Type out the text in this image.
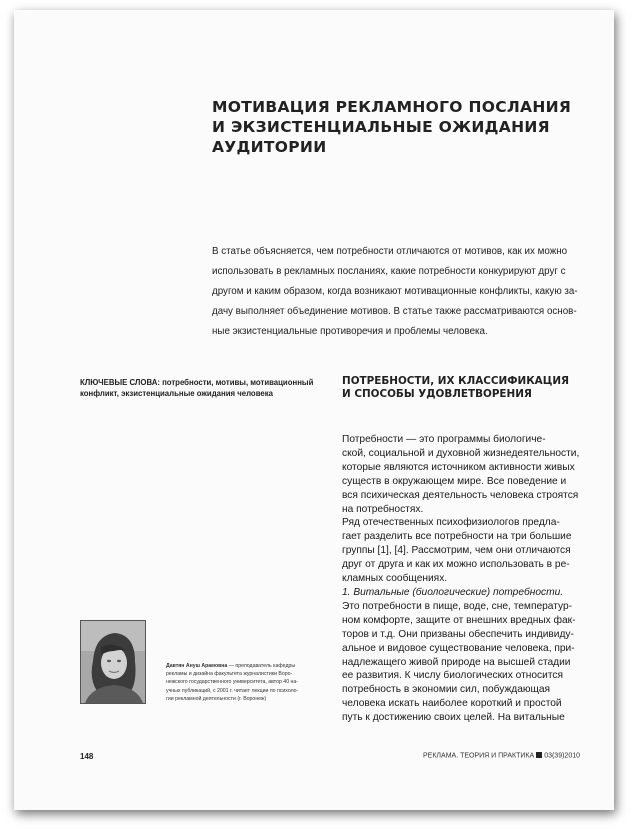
МОТИВАЦИЯ РЕКЛАМНОГО ПОСЛАНИЯ
И ЭКЗИСТЕНЦИАЛЬНЫЕ ОЖИДАНИЯ
АУДИТОРИИ

В статье объясняется, чем потребности отличаются от мотивов, как их можно
использовать в рекламных посланиях, какие потребности конкурируют друг с
другом и каким образом, когда возникают мотивационные конфликты, какую за-
дачу выполняет объединение мотивов. В статье также рассматриваются основ-
ные экзистенциальные противоречия и проблемы человека.

КЛЮЧЕВЫЕ СЛОВА: потребности, мотивы, мотивационный
конфликт, экзистенциальные ожидания человека
ПОТРЕБНОСТИ, ИХ КЛАССИФИКАЦИЯ
И СПОСОБЫ УДОВЛЕТВОРЕНИЯ
Потребности — это программы биологиче-
ской, социальной и духовной жизнедеятельности,
которые являются источником активности живых
существ в окружающем мире. Все поведение и
вся психическая деятельность человека строятся
на потребностях.
Ряд отечественных психофизиологов предла-
гает разделить все потребности на три большие
группы [1], [4]. Рассмотрим, чем они отличаются
друг от друга и как их можно использовать в ре-
кламных сообщениях.
1. Витальные (биологические) потребности.
Это потребности в пище, воде, сне, температур-
ном комфорте, защите от внешних вредных фак-
торов и т.д. Они призваны обеспечить индивиду-
альное и видовое существование человека, при-
надлежащего живой природе на высшей стадии
ее развития. К числу биологических относится
потребность в экономии сил, побуждающая
человека искать наиболее короткий и простой
путь к достижению своих целей. На витальные
Давтян Ануш Арамовна — преподаватель кафедры
рекламы и дизайна факультета журналистики Воро-
нежского государственного университета, автор 40 на-
учных публикаций, с 2001 г. читает лекции по психоло-
гии рекламной деятельности (г. Воронеж)
148	РЕКЛАМА. ТЕОРИЯ И ПРАКТИКА 03(39)2010
